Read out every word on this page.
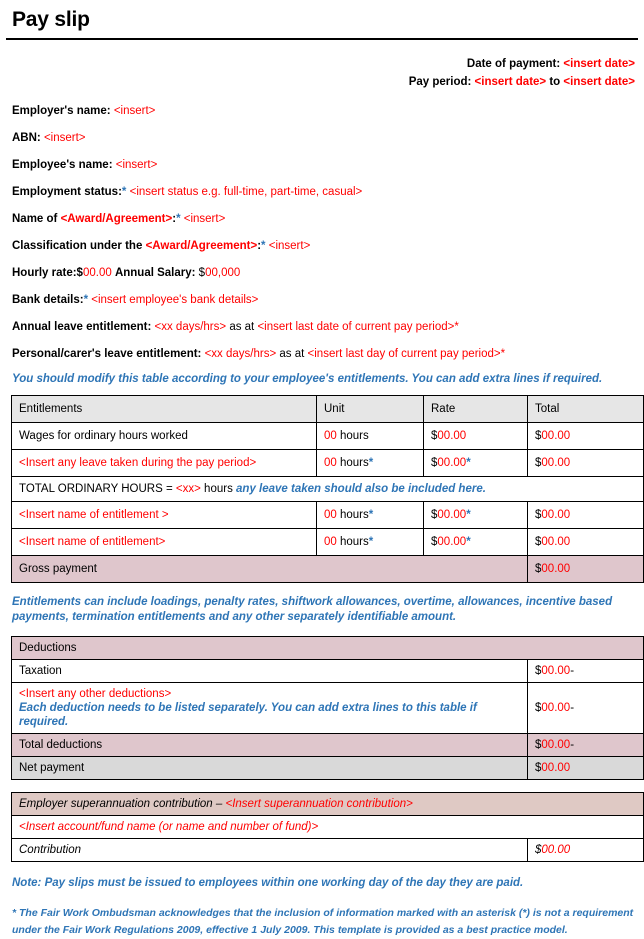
Pay slip
Date of payment: <insert date>
Pay period: <insert date> to <insert date>
Employer's name: <insert>
ABN: <insert>
Employee's name: <insert>
Employment status:* <insert status e.g. full-time, part-time, casual>
Name of <Award/Agreement>:* <insert>
Classification under the <Award/Agreement>:* <insert>
Hourly rate:$00.00 Annual Salary: $00,000
Bank details:* <insert employee's bank details>
Annual leave entitlement: <xx days/hrs> as at <insert last date of current pay period>*
Personal/carer's leave entitlement: <xx days/hrs> as at <insert last day of current pay period>*
You should modify this table according to your employee's entitlements. You can add extra lines if required.
Entitlements	Unit	Rate	Total
Wages for ordinary hours worked	00 hours	$00.00	$00.00
<Insert any leave taken during the pay period>	00 hours*	$00.00*	$00.00
TOTAL ORDINARY HOURS = <xx> hours any leave taken should also be included here.			
<Insert name of entitlement >	00 hours*	$00.00*	$00.00
<Insert name of entitlement>	00 hours*	$00.00*	$00.00
Gross payment			$00.00
Entitlements can include loadings, penalty rates, shiftwork allowances, overtime, allowances, incentive based payments, termination entitlements and any other separately identifiable amount.
Deductions	
Taxation	$00.00-

<Insert any other deductions>
Each deduction needs to be listed separately. You can add extra lines to this table if required.	$00.00-
Total deductions	$00.00-
Net payment	$00.00
Employer superannuation contribution – <Insert superannuation contribution>
<Insert account/fund name (or name and number of fund)>
Contribution	$00.00
Note: Pay slips must be issued to employees within one working day of the day they are paid.
* The Fair Work Ombudsman acknowledges that the inclusion of information marked with an asterisk (*) is not a requirement under the Fair Work Regulations 2009, effective 1 July 2009. This template is provided as a best practice model.
